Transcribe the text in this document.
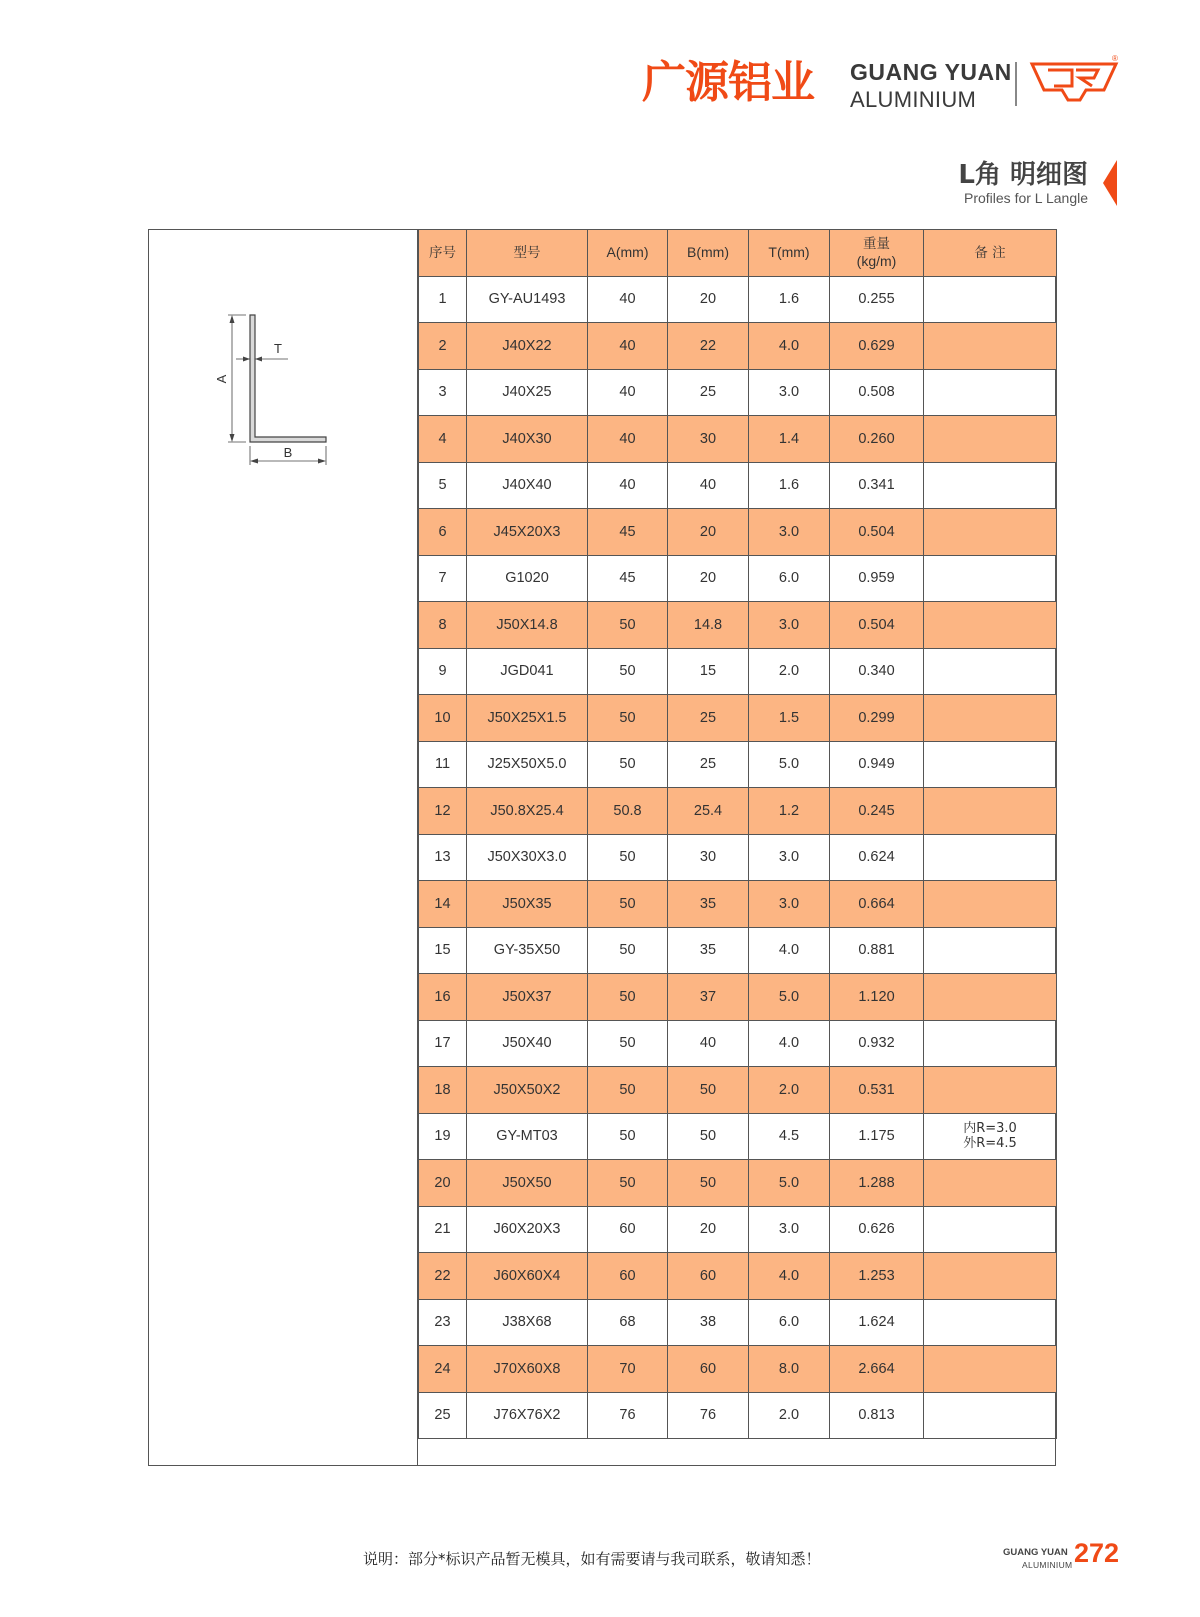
广源铝业 GUANG YUAN
ALUMINIUM
®
L角 明细图
Profiles for L Langle
A
T
B
序号	型号	A(mm)	B(mm)	T(mm)	重量
(kg/m)	备 注
1	GY-AU1493	40	20	1.6	0.255	

2	J40X22	40	22	4.0	0.629	

3	J40X25	40	25	3.0	0.508	

4	J40X30	40	30	1.4	0.260	

5	J40X40	40	40	1.6	0.341	

6	J45X20X3	45	20	3.0	0.504	

7	G1020	45	20	6.0	0.959	

8	J50X14.8	50	14.8	3.0	0.504	

9	JGD041	50	15	2.0	0.340	

10	J50X25X1.5	50	25	1.5	0.299	

11	J25X50X5.0	50	25	5.0	0.949	

12	J50.8X25.4	50.8	25.4	1.2	0.245	

13	J50X30X3.0	50	30	3.0	0.624	

14	J50X35	50	35	3.0	0.664	

15	GY-35X50	50	35	4.0	0.881	

16	J50X37	50	37	5.0	1.120	

17	J50X40	50	40	4.0	0.932	

18	J50X50X2	50	50	2.0	0.531	

19	GY-MT03	50	50	4.5	1.175	内R=3.0
外R=4.5
20	J50X50	50	50	5.0	1.288	

21	J60X20X3	60	20	3.0	0.626	

22	J60X60X4	60	60	4.0	1.253	

23	J38X68	68	38	6.0	1.624	

24	J70X60X8	70	60	8.0	2.664	

25	J76X76X2	76	76	2.0	0.813	

说明：部分*标识产品暂无模具，如有需要请与我司联系，敬请知悉！	GUANG YUAN
ALUMINIUM 272
